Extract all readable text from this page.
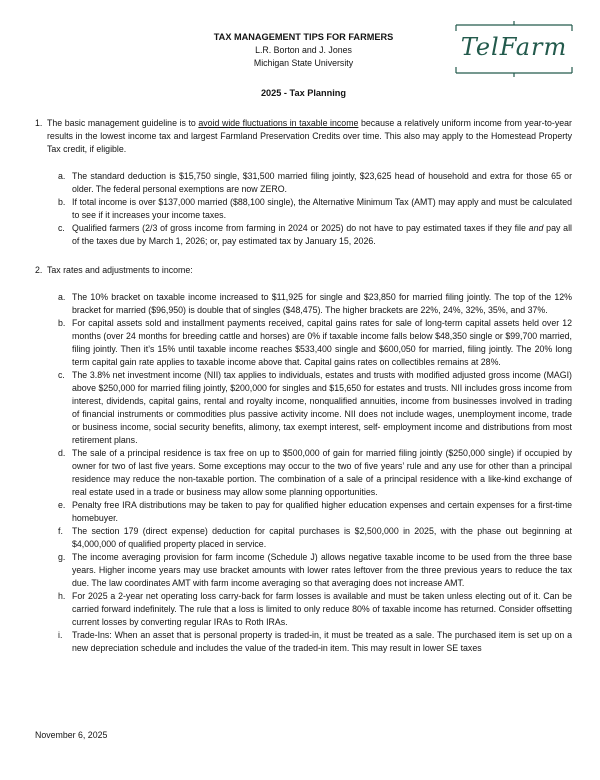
TelFarm
TAX MANAGEMENT TIPS FOR FARMERS
L.R. Borton and J. Jones
Michigan State University
2025 - Tax Planning
1. The basic management guideline is to avoid wide fluctuations in taxable income because a relatively uniform income from year-to-year results in the lowest income tax and largest Farmland Preservation Credits over time. This also may apply to the Homestead Property Tax credit, if eligible.

a. The standard deduction is $15,750 single, $31,500 married filing jointly, $23,625 head of household and extra for those 65 or older. The federal personal exemptions are now ZERO.

b. If total income is over $137,000 married ($88,100 single), the Alternative Minimum Tax (AMT) may apply and must be calculated to see if it increases your income taxes.

c. Qualified farmers (2/3 of gross income from farming in 2024 or 2025) do not have to pay estimated taxes if they file and pay all of the taxes due by March 1, 2026; or, pay estimated tax by January 15, 2026.

2. Tax rates and adjustments to income:

a. The 10% bracket on taxable income increased to $11,925 for single and $23,850 for married filing jointly. The top of the 12% bracket for married ($96,950) is double that of singles ($48,475). The higher brackets are 22%, 24%, 32%, 35%, and 37%.

b. For capital assets sold and installment payments received, capital gains rates for sale of long-term capital assets held over 12 months (over 24 months for breeding cattle and horses) are 0% if taxable income falls below $48,350 single or $99,700 married, filing jointly. Then it’s 15% until taxable income reaches $533,400 single and $600,050 for married, filing jointly. The 20% long term capital gain rate applies to taxable income above that. Capital gains rates on collectibles remains at 28%.

c. The 3.8% net investment income (NII) tax applies to individuals, estates and trusts with modified adjusted gross income (MAGI) above $250,000 for married filing jointly, $200,000 for singles and $15,650 for estates and trusts. NII includes gross income from interest, dividends, capital gains, rental and royalty income, nonqualified annuities, income from businesses involved in trading of financial instruments or commodities plus passive activity income. NII does not include wages, unemployment income, trade or business income, social security benefits, alimony, tax exempt interest, self- employment income and distributions from most retirement plans.

d. The sale of a principal residence is tax free on up to $500,000 of gain for married filing jointly ($250,000 single) if occupied by owner for two of last five years. Some exceptions may occur to the two of five years’ rule and any use for other than a principal residence may reduce the non-taxable portion. The combination of a sale of a principal residence with a like-kind exchange of real estate used in a trade or business may allow some planning opportunities.

e. Penalty free IRA distributions may be taken to pay for qualified higher education expenses and certain expenses for a first-time homebuyer.

f.	The section 179 (direct expense) deduction for capital purchases is $2,500,000 in 2025, with the phase out beginning at $4,000,000 of qualified property placed in service.

g. The income averaging provision for farm income (Schedule J) allows negative taxable income to be used from the three base years. Higher income years may use bracket amounts with lower rates leftover from the three previous years to reduce the tax due. The law coordinates AMT with farm income averaging so that averaging does not increase AMT.

h. For 2025 a 2-year net operating loss carry-back for farm losses is available and must be taken unless electing out of it. Can be carried forward indefinitely. The rule that a loss is limited to only reduce 80% of taxable income has returned. Consider offsetting current losses by converting regular IRAs to Roth IRAs.

i.	Trade-Ins: When an asset that is personal property is traded-in, it must be treated as a sale. The purchased item is set up on a new depreciation schedule and includes the value of the traded-in item. This may result in lower SE taxes

November 6, 2025
